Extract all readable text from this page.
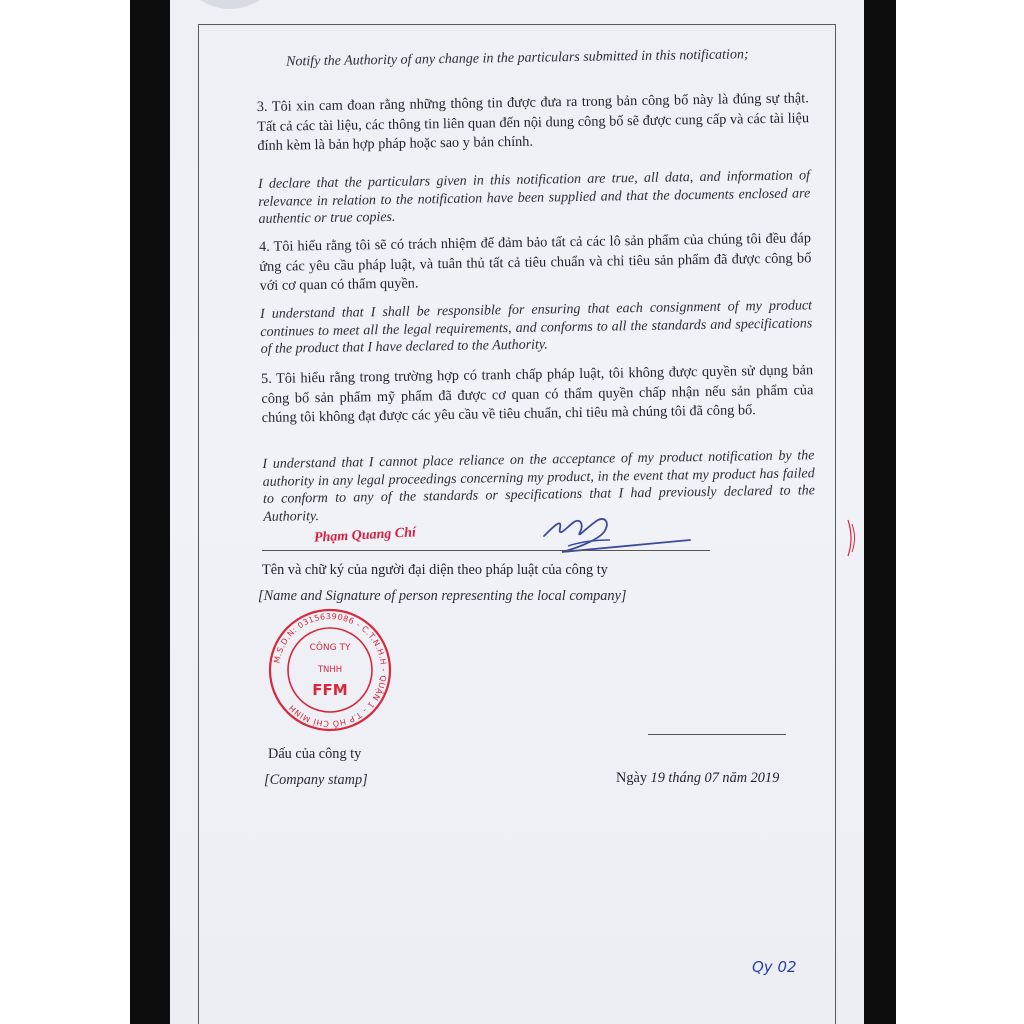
Notify the Authority of any change in the particulars submitted in this notification;

3. Tôi xin cam đoan rằng những thông tin được đưa ra trong bản công bố này là đúng sự thật. Tất cả các tài liệu, các thông tin liên quan đến nội dung công bố sẽ được cung cấp và các tài liệu đính kèm là bản hợp pháp hoặc sao y bản chính.

I declare that the particulars given in this notification are true, all data, and information of relevance in relation to the notification have been supplied and that the documents enclosed are authentic or true copies.

4. Tôi hiểu rằng tôi sẽ có trách nhiệm để đảm bảo tất cả các lô sản phẩm của chúng tôi đều đáp ứng các yêu cầu pháp luật, và tuân thủ tất cả tiêu chuẩn và chỉ tiêu sản phẩm đã được công bố với cơ quan có thẩm quyền.

I understand that I shall be responsible for ensuring that each consignment of my product continues to meet all the legal requirements, and conforms to all the standards and specifications of the product that I have declared to the Authority.

5. Tôi hiểu rằng trong trường hợp có tranh chấp pháp luật, tôi không được quyền sử dụng bản công bố sản phẩm mỹ phẩm đã được cơ quan có thẩm quyền chấp nhận nếu sản phẩm của chúng tôi không đạt được các yêu cầu về tiêu chuẩn, chỉ tiêu mà chúng tôi đã công bố.

I understand that I cannot place reliance on the acceptance of my product notification by the authority in any legal proceedings concerning my product, in the event that my product has failed to conform to any of the standards or specifications that I had previously declared to the Authority.

Phạm Quang Chí
Tên và chữ ký của người đại diện theo pháp luật của công ty
[Name and Signature of person representing the local company]
M.S.D.N: 0315639086 - C.T.N.H.H - QUẬN 1 - T.P HỒ CHÍ MINH
CÔNG TY
TNHH
FFM
Dấu của công ty
[Company stamp]	Ngày 19 tháng 07 năm 2019
Qy 02
